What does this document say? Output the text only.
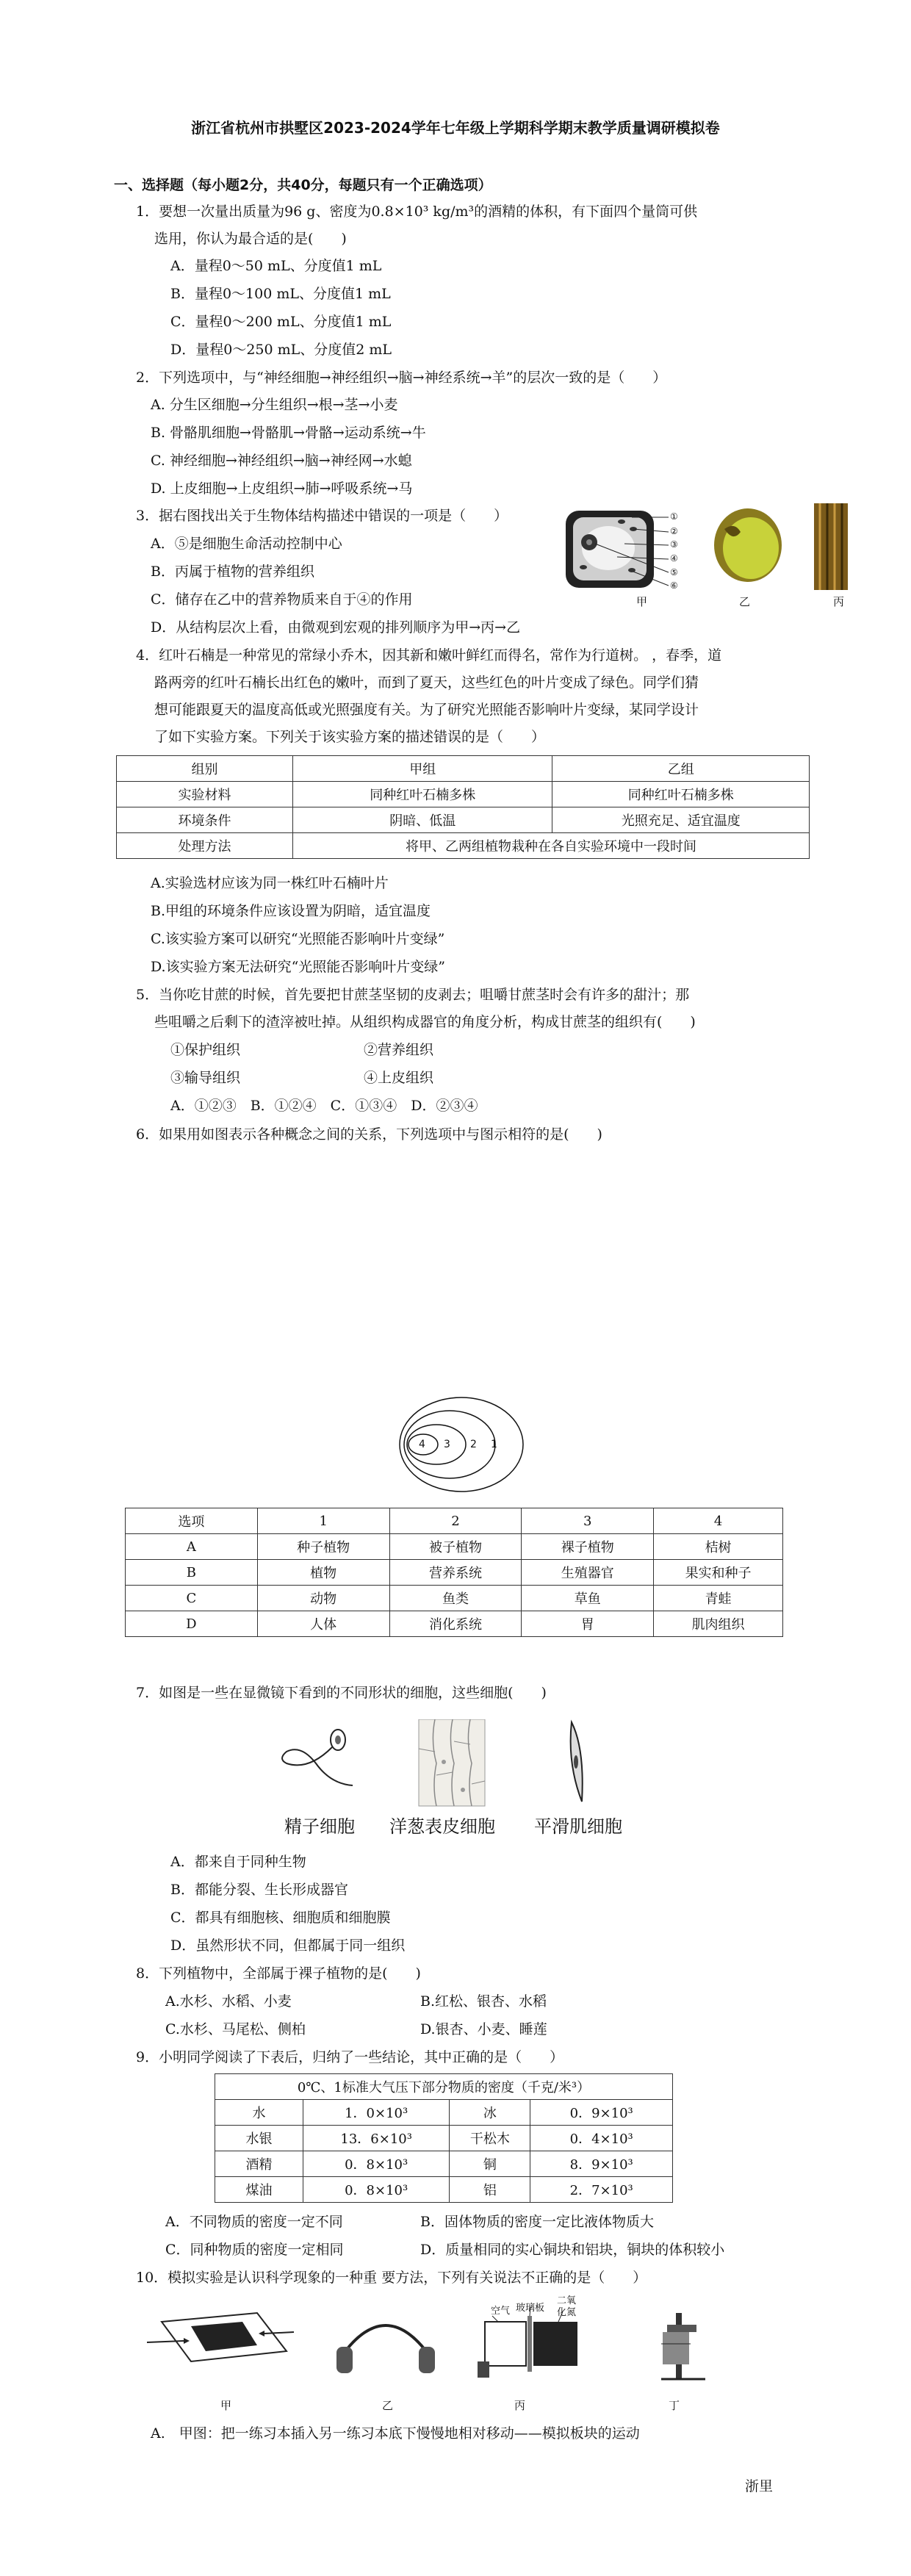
浙江省杭州市拱墅区2023-2024学年七年级上学期科学期末教学质量调研模拟卷
一、选择题（每小题2分，共40分，每题只有一个正确选项）
1．要想一次量出质量为96 g、密度为0.8×10³ kg/m³的酒精的体积，有下面四个量筒可供
选用，你认为最合适的是(　　)
A．量程0～50 mL、分度值1 mL
B．量程0～100 mL、分度值1 mL
C．量程0～200 mL、分度值1 mL
D．量程0～250 mL、分度值2 mL
2．下列选项中，与“神经细胞→神经组织→脑→神经系统→羊”的层次一致的是（　　）
A. 分生区细胞→分生组织→根→茎→小麦
B. 骨骼肌细胞→骨骼肌→骨骼→运动系统→牛
C. 神经细胞→神经组织→脑→神经网→水螅
D. 上皮细胞→上皮组织→肺→呼吸系统→马
3．据右图找出关于生物体结构描述中错误的一项是（　　）
A．⑤是细胞生命活动控制中心
B．丙属于植物的营养组织
C．储存在乙中的营养物质来自于④的作用
D．从结构层次上看，由微观到宏观的排列顺序为甲→丙→乙
①
②
③
④
⑤
⑥
甲	乙	丙
4．红叶石楠是一种常见的常绿小乔木，因其新和嫩叶鲜红而得名，常作为行道树。 ，春季，道
路两旁的红叶石楠长出红色的嫩叶，而到了夏天，这些红色的叶片变成了绿色。同学们猜
想可能跟夏天的温度高低或光照强度有关。为了研究光照能否影响叶片变绿，某同学设计
了如下实验方案。下列关于该实验方案的描述错误的是（　　）
组别	甲组	乙组
实验材料	同种红叶石楠多株	同种红叶石楠多株
环境条件	阴暗、低温	光照充足、适宜温度
处理方法	将甲、乙两组植物栽种在各自实验环境中一段时间	
A.实验选材应该为同一株红叶石楠叶片
B.甲组的环境条件应该设置为阴暗，适宜温度
C.该实验方案可以研究“光照能否影响叶片变绿”
D.该实验方案无法研究“光照能否影响叶片变绿”
5．当你吃甘蔗的时候，首先要把甘蔗茎坚韧的皮剥去；咀嚼甘蔗茎时会有许多的甜汁；那
些咀嚼之后剩下的渣滓被吐掉。从组织构成器官的角度分析，构成甘蔗茎的组织有(　　)
①保护组织	②营养组织
③输导组织	④上皮组织
A．①②③　B．①②④　C．①③④　D．②③④
6．如果用如图表示各种概念之间的关系，下列选项中与图示相符的是(　　)
4 3 2 1
选项	1	2	3	4
A	种子植物	被子植物	裸子植物	桔树
B	植物	营养系统	生殖器官	果实和种子
C	动物	鱼类	草鱼	青蛙
D	人体	消化系统	胃	肌肉组织
7．如图是一些在显微镜下看到的不同形状的细胞，这些细胞(　　)
精子细胞 洋葱表皮细胞 平滑肌细胞
A．都来自于同种生物
B．都能分裂、生长形成器官
C．都具有细胞核、细胞质和细胞膜
D．虽然形状不同，但都属于同一组织
8．下列植物中，全部属于裸子植物的是(　　)
A.水杉、水稻、小麦	B.红松、银杏、水稻
C.水杉、马尾松、侧柏	D.银杏、小麦、睡莲
9．小明同学阅读了下表后，归纳了一些结论，其中正确的是（　　）
0℃、1标准大气压下部分物质的密度（千克/米³）			
水	1．0×10³	冰	0．9×10³
水银	13．6×10³	干松木	0．4×10³
酒精	0．8×10³	铜	8．9×10³
煤油	0．8×10³	铝	2．7×10³
A．不同物质的密度一定不同	B．固体物质的密度一定比液体物质大
C．同种物质的密度一定相同	D．质量相同的实心铜块和铝块，铜块的体积较小
10．模拟实验是认识科学现象的一种重 要方法，下列有关说法不正确的是（　　）
空气 玻璃板
二氧
化氮
甲	乙	丙	丁
A.　甲图：把一练习本插入另一练习本底下慢慢地相对移动——模拟板块的运动
浙里
